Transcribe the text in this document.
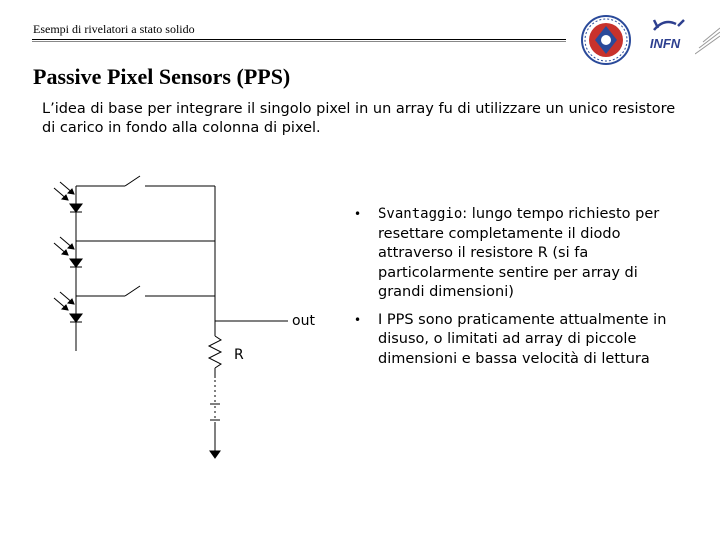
Esempi di rivelatori a stato solido
INFN
Passive Pixel Sensors (PPS)
L’idea di base per integrare il singolo pixel in un array fu di utilizzare un unico resistore di carico in fondo alla colonna di pixel.
out
R
• Svantaggio: lungo tempo richiesto per resettare completamente il diodo attraverso il resistore R (si fa particolarmente sentire per array di grandi dimensioni)
• I PPS sono praticamente attualmente in disuso, o limitati ad array di piccole dimensioni e bassa velocità di lettura
